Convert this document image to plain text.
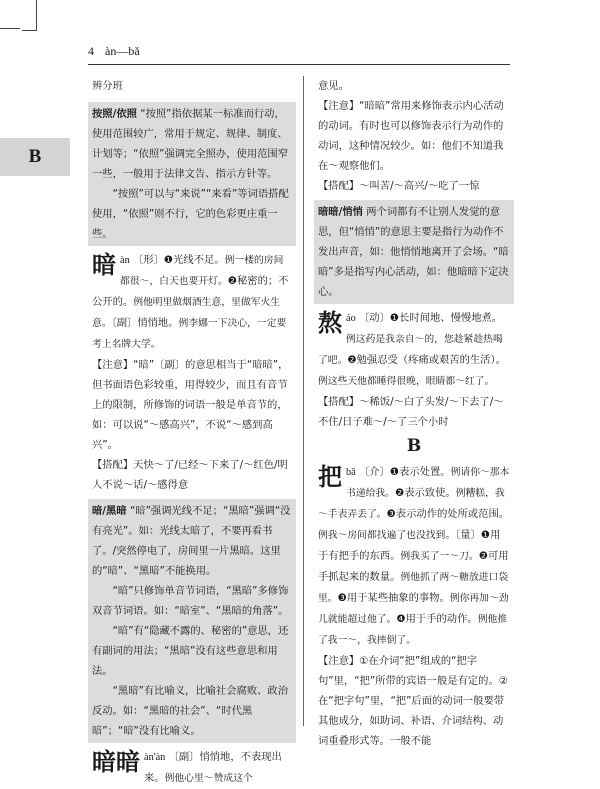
4 àn—bǎ
B

辨分班

按照/依照 “按照”指依据某一标准而行动，使用范围较广，常用于规定、规律、制度、计划等；“依照”强调完全照办，使用范围窄一些，一般用于法律文告、指示方针等。

“按照”可以与“来说”“来看”等词语搭配使用，“依照”则不行，它的色彩更庄重一些。

暗 àn 〔形〕❶光线不足。例一楼的房间都很～，白天也要开灯。❷秘密的；不公开的。例他明里做烟酒生意，里做军火生意。〔副〕悄悄地。例李娜一下决心，一定要考上名牌大学。

【注意】“暗”〔副〕的意思相当于“暗暗”，但书面语色彩较重，用得较少，而且有音节上的限制，所修饰的词语一般是单音节的，如：可以说“～感高兴”，不说“～感到高兴”。

【搭配】天快～了/已经～下来了/～红色/明人不说～话/～感得意

暗/黑暗 “暗”强调光线不足；“黑暗”强调“没有亮光”。如：光线太暗了，不要再看书了。/突然停电了，房间里一片黑暗。这里的“暗”、“黑暗”不能换用。

“暗”只修饰单音节词语，“黑暗”多修饰双音节词语。如：“暗室”、“黑暗的角落”。

“暗”有“隐藏不露的、秘密的”意思，还有副词的用法；“黑暗”没有这些意思和用法。

“黑暗”有比喻义，比喻社会腐败、政治反动。如：“黑暗的社会”、“时代黑暗”；“暗”没有比喻义。

暗暗 àn'àn 〔副〕悄悄地，不表现出来。例他心里～赞成这个

意见。

【注意】“暗暗”常用来修饰表示内心活动的动词。有时也可以修饰表示行为动作的动词，这种情况较少。如：他们不知道我在～观察他们。

【搭配】～叫苦/～高兴/～吃了一惊

暗暗/悄悄 两个词都有不让别人发觉的意思，但“悄悄”的意思主要是指行为动作不发出声音，如：他悄悄地离开了会场。“暗暗”多是指写内心活动，如：他暗暗下定决心。

熬 áo 〔动〕❶长时间地、慢慢地煮。例这药是我亲自～的，您趁紧趁热喝了吧。❷勉强忍受（疼痛或艰苦的生活）。例这些天他都睡得很晚，眼睛都～红了。

【搭配】～稀饭/～白了头发/～下去了/～不住/日子难～/～了三个小时

B
把 bǎ 〔介〕❶表示处置。例请你～那本书递给我。❷表示致使。例糟糕，我～手表弄丢了。❸表示动作的处所或范围。例我～房间都找遍了也没找到。〔量〕❶用于有把手的东西。例我买了一～刀。❷可用手抓起来的数量。例他抓了两～糖放进口袋里。❸用于某些抽象的事物。例你再加～劲儿就能超过他了。❹用于手的动作。例他推了我一～，我摔倒了。

【注意】①在介词“把”组成的“把字句”里，“把”所带的宾语一般是有定的。②在“把字句”里，“把”后面的动词一般要带其他成分，如助词、补语、介词结构、动词重叠形式等。一般不能
